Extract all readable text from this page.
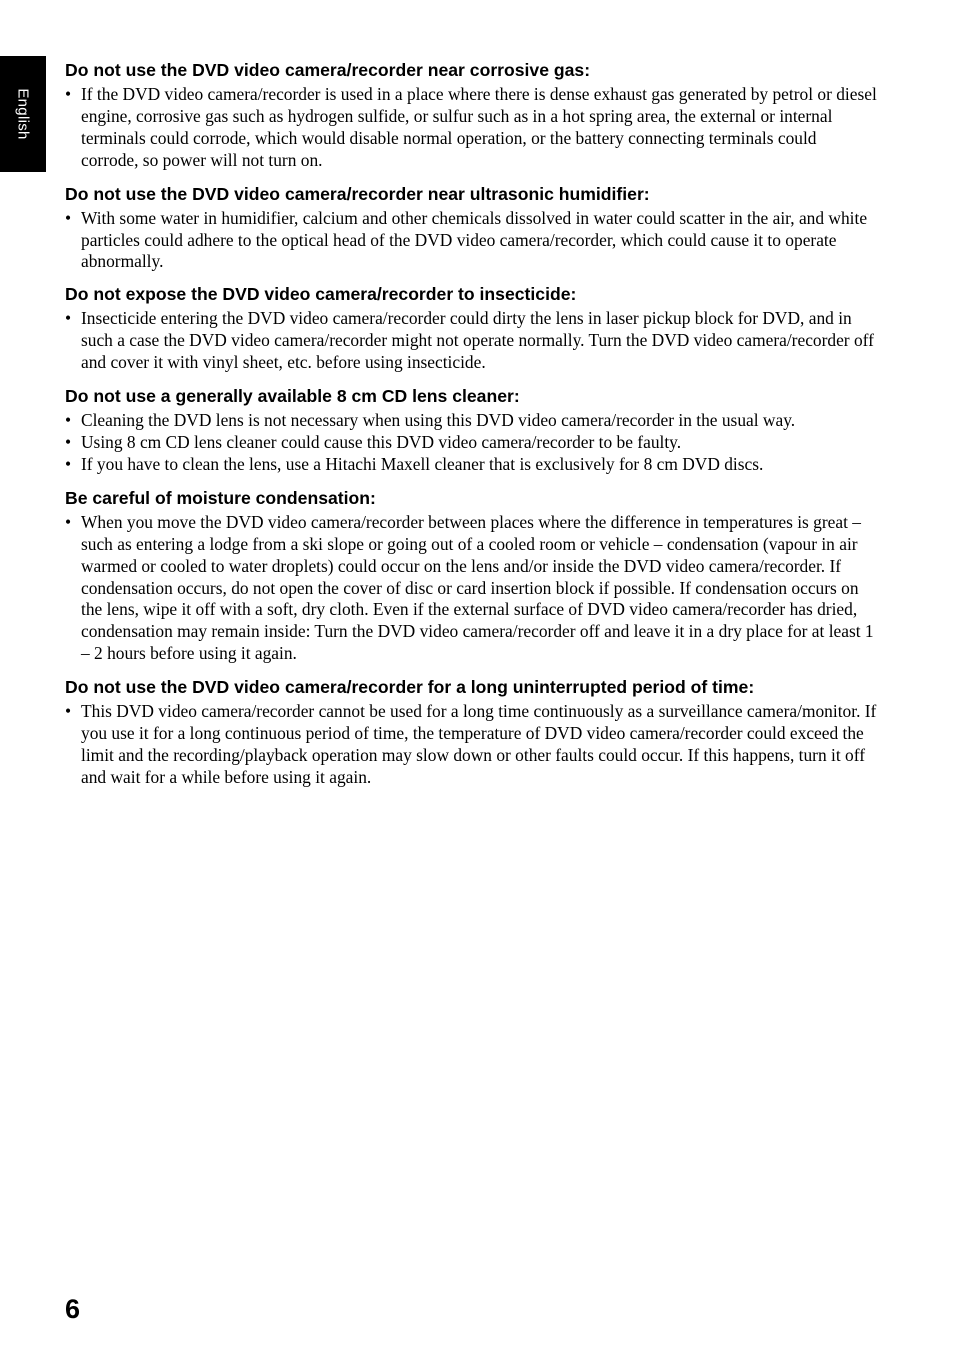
English
Do not use the DVD video camera/recorder near corrosive gas:
• If the DVD video camera/recorder is used in a place where there is dense exhaust gas generated by petrol or diesel engine, corrosive gas such as hydrogen sulfide, or sulfur such as in a hot spring area, the external or internal terminals could corrode, which would disable normal operation, or the battery connecting terminals could corrode, so power will not turn on.
Do not use the DVD video camera/recorder near ultrasonic humidifier:
• With some water in humidifier, calcium and other chemicals dissolved in water could scatter in the air, and white particles could adhere to the optical head of the DVD video camera/recorder, which could cause it to operate abnormally.
Do not expose the DVD video camera/recorder to insecticide:
• Insecticide entering the DVD video camera/recorder could dirty the lens in laser pickup block for DVD, and in such a case the DVD video camera/recorder might not operate normally. Turn the DVD video camera/recorder off and cover it with vinyl sheet, etc. before using insecticide.
Do not use a generally available 8 cm CD lens cleaner:
• Cleaning the DVD lens is not necessary when using this DVD video camera/recorder in the usual way.
• Using 8 cm CD lens cleaner could cause this DVD video camera/recorder to be faulty.
• If you have to clean the lens, use a Hitachi Maxell cleaner that is exclusively for 8 cm DVD discs.
Be careful of moisture condensation:
• When you move the DVD video camera/recorder between places where the difference in temperatures is great – such as entering a lodge from a ski slope or going out of a cooled room or vehicle – condensation (vapour in air warmed or cooled to water droplets) could occur on the lens and/or inside the DVD video camera/recorder. If condensation occurs, do not open the cover of disc or card insertion block if possible. If condensation occurs on the lens, wipe it off with a soft, dry cloth. Even if the external surface of DVD video camera/recorder has dried, condensation may remain inside: Turn the DVD video camera/recorder off and leave it in a dry place for at least 1 – 2 hours before using it again.
Do not use the DVD video camera/recorder for a long uninterrupted period of time:
• This DVD video camera/recorder cannot be used for a long time continuously as a surveillance camera/monitor. If you use it for a long continuous period of time, the temperature of DVD video camera/recorder could exceed the limit and the recording/playback operation may slow down or other faults could occur. If this happens, turn it off and wait for a while before using it again.
6
